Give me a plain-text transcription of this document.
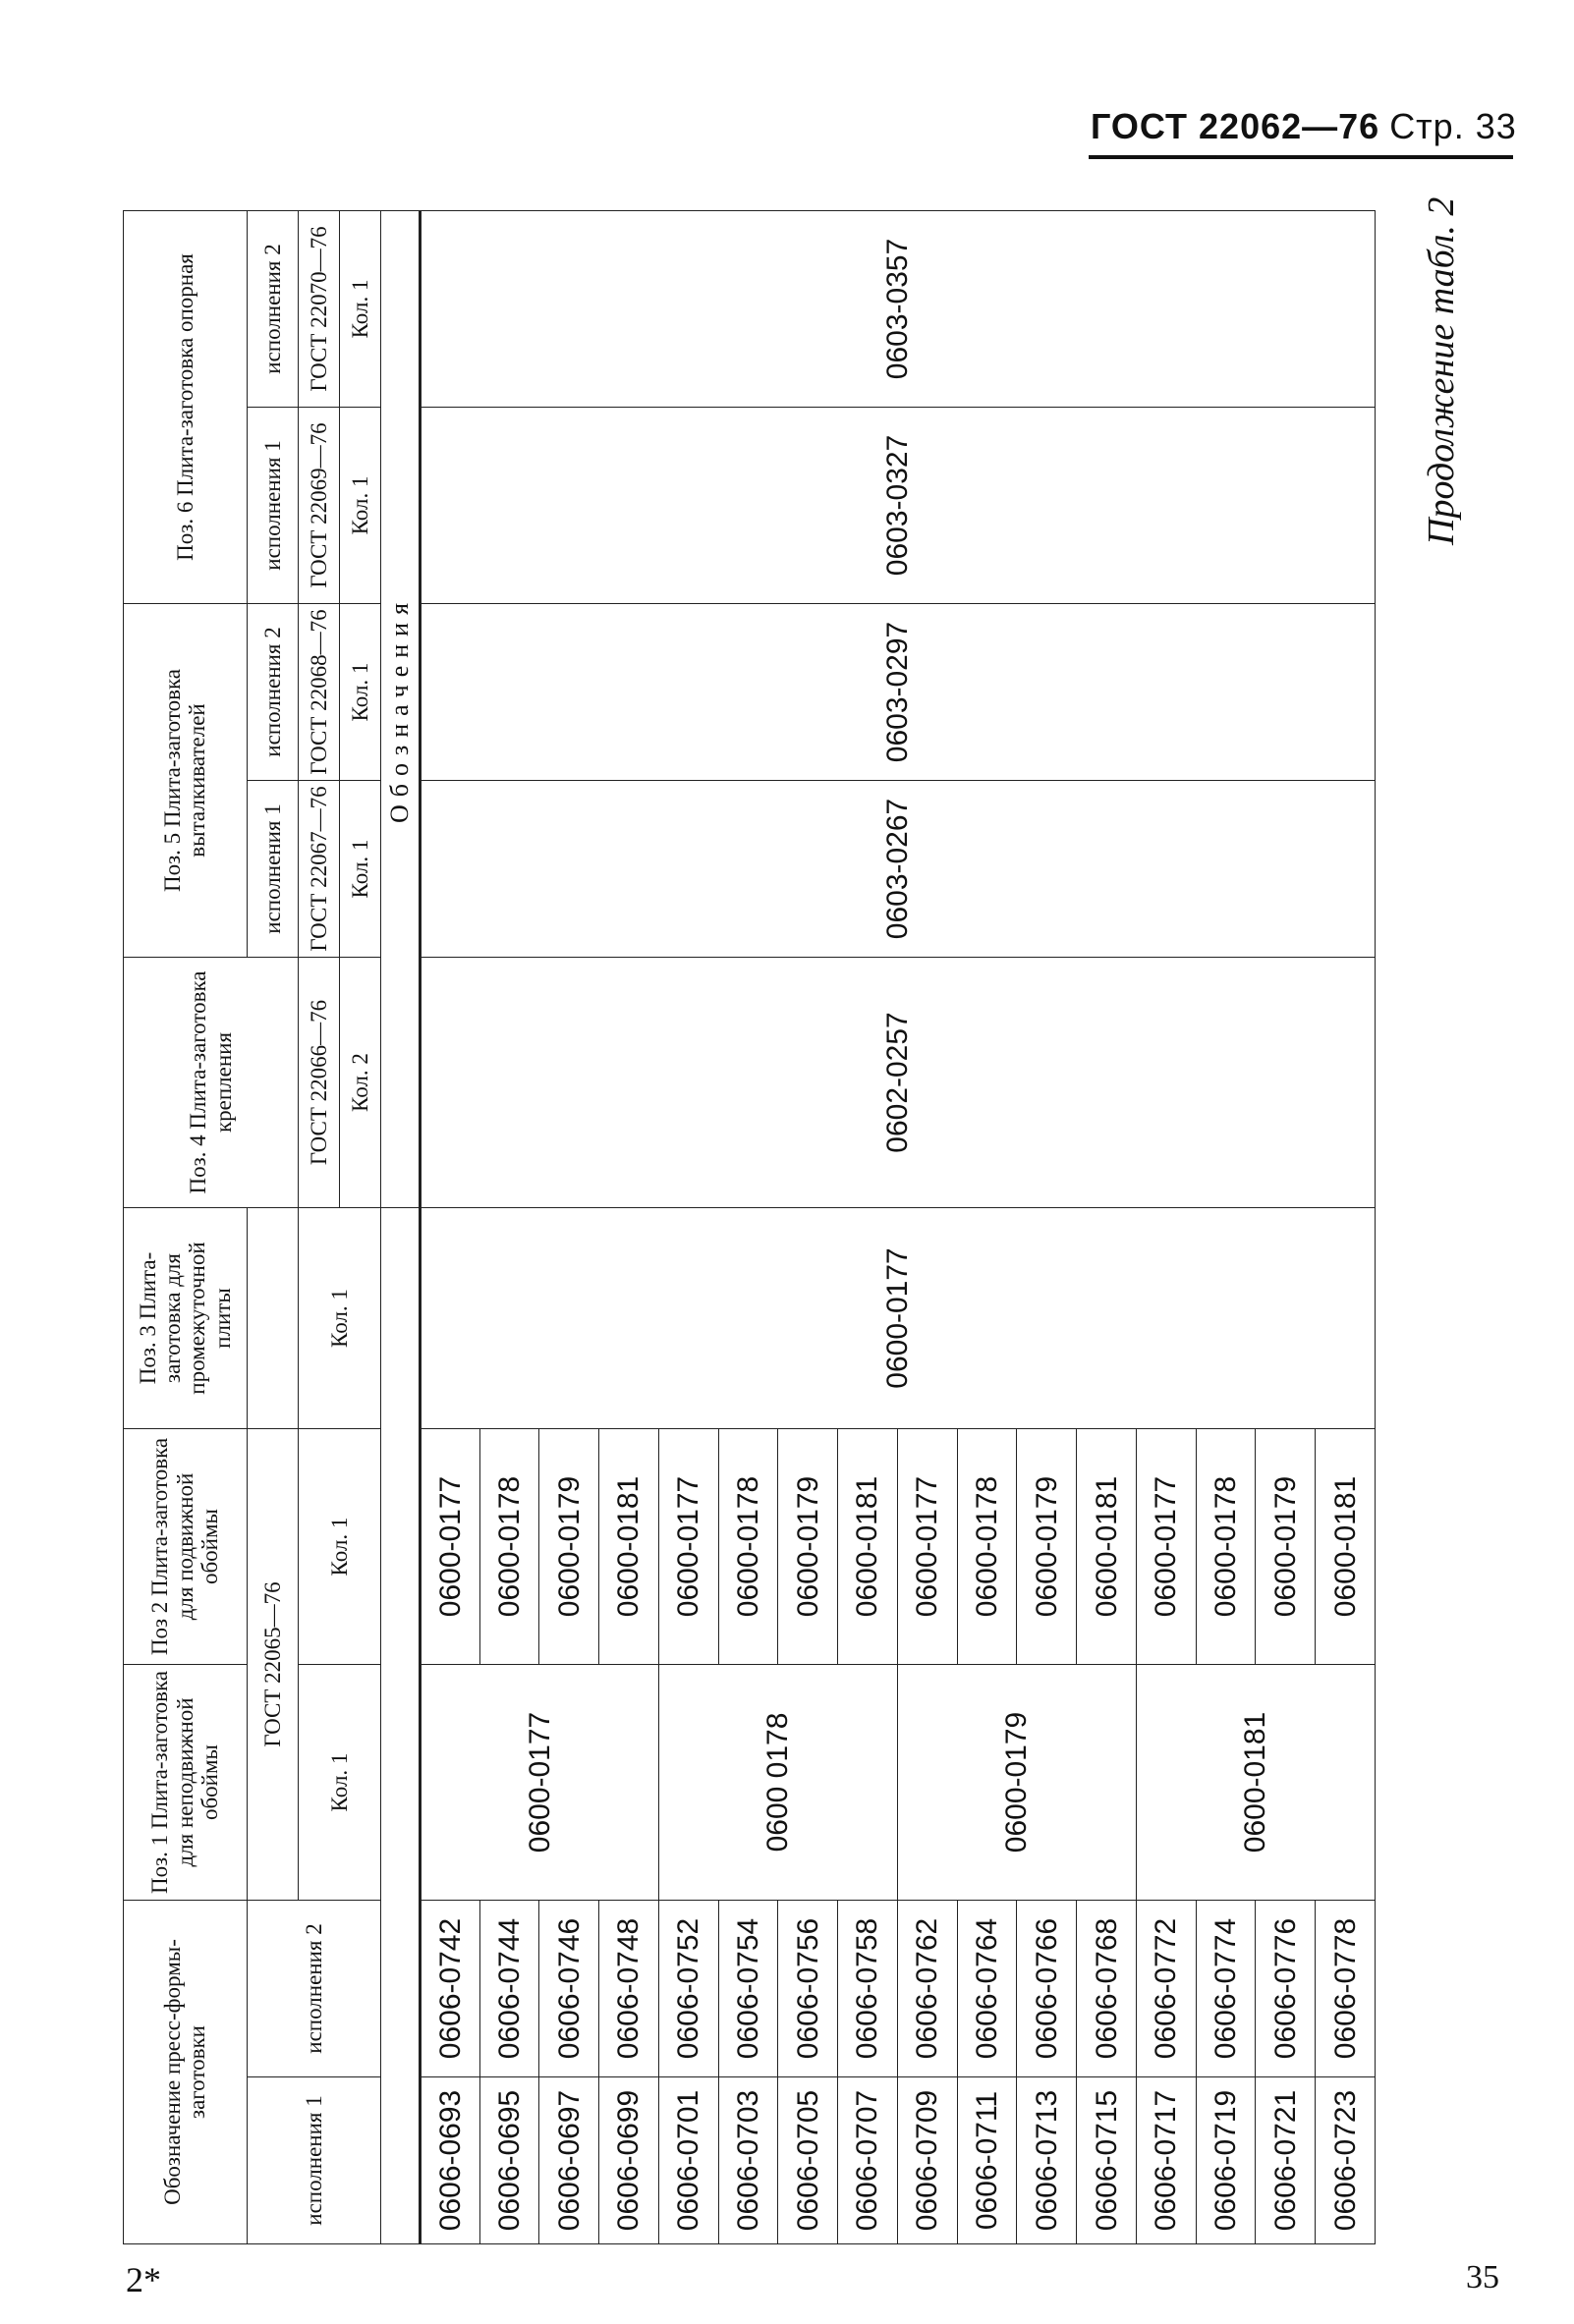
ГОСТ 22062—76 Стр. 33
Продолжение табл. 2
Обозначение пресс-формы-заготовки		Поз. 1 Плита-заготовка для неподвижной обоймы	Поз 2 Плита-заготовка для подвижной обоймы	Поз. 3 Плита-заготовка для промежуточной плиты	Поз. 4 Плита-заготовка крепления	Поз. 5 Плита-заготовка выталкивателей		Поз. 6 Плита-заготовка опорная	
исполнения 1	исполнения 2	ГОСТ 22065—76				исполнения 1	исполнения 2	исполнения 1	исполнения 2
		Кол. 1	Кол. 1	Кол. 1	ГОСТ 22066—76	ГОСТ 22067—76	ГОСТ 22068—76	ГОСТ 22069—76	ГОСТ 22070—76
					Кол. 2	Кол. 1	Кол. 1	Кол. 1	Кол. 1
					Обозначения				
0606-0693	0606-0742	0600-0177	0600-0177	0600-0177	0602-0257	0603-0267	0603-0297	0603-0327	0603-0357
0606-0695	0606-0744		0600-0178						
0606-0697	0606-0746		0600-0179						
0606-0699	0606-0748		0600-0181						
0606-0701	0606-0752	0600 0178	0600-0177						
0606-0703	0606-0754		0600-0178						
0606-0705	0606-0756		0600-0179						
0606-0707	0606-0758		0600-0181						
0606-0709	0606-0762	0600-0179	0600-0177						
0606-0711	0606-0764		0600-0178						
0606-0713	0606-0766		0600-0179						
0606-0715	0606-0768		0600-0181						
0606-0717	0606-0772	0600-0181	0600-0177						
0606-0719	0606-0774		0600-0178						
0606-0721	0606-0776		0600-0179						
0606-0723	0606-0778		0600-0181						
2*	35
